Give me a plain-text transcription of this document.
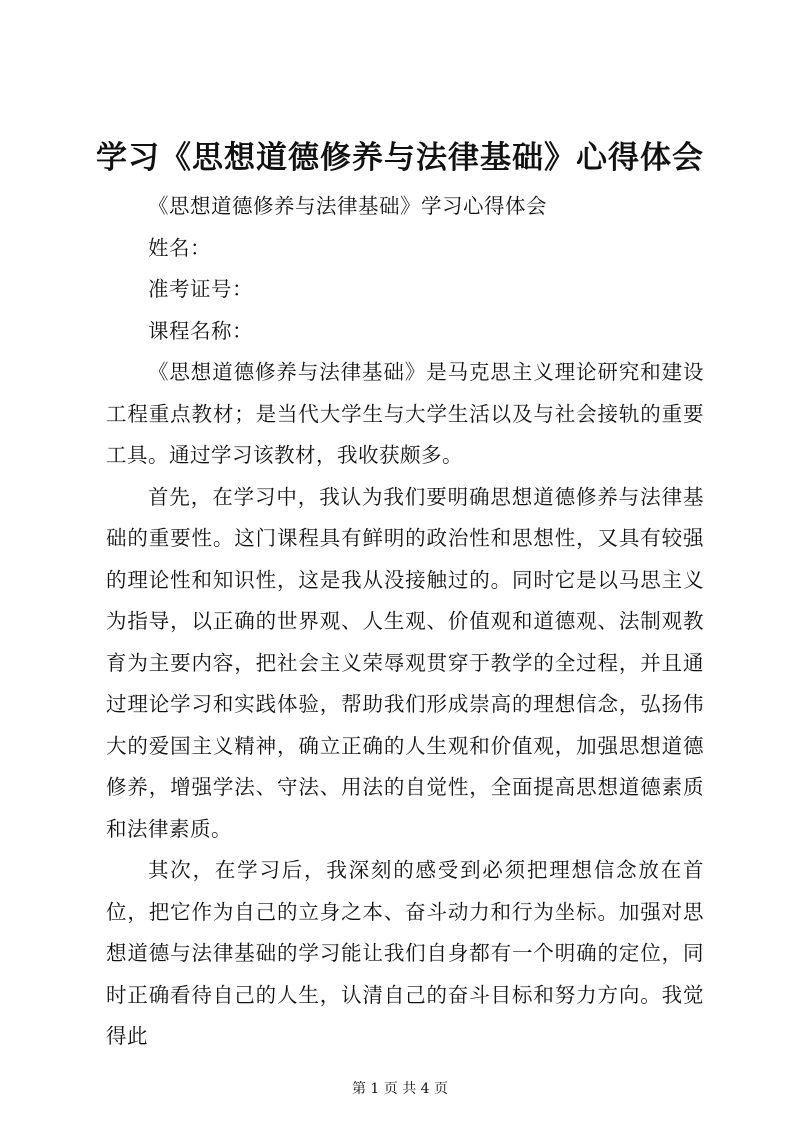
学习《思想道德修养与法律基础》心得体会

《思想道德修养与法律基础》学习心得体会

姓名：

准考证号：

课程名称：

《思想道德修养与法律基础》是马克思主义理论研究和建设工程重点教材；是当代大学生与大学生活以及与社会接轨的重要工具。通过学习该教材，我收获颇多。

首先，在学习中，我认为我们要明确思想道德修养与法律基础的重要性。这门课程具有鲜明的政治性和思想性，又具有较强的理论性和知识性，这是我从没接触过的。同时它是以马思主义为指导，以正确的世界观、人生观、价值观和道德观、法制观教育为主要内容，把社会主义荣辱观贯穿于教学的全过程，并且通过理论学习和实践体验，帮助我们形成崇高的理想信念，弘扬伟大的爱国主义精神，确立正确的人生观和价值观，加强思想道德修养，增强学法、守法、用法的自觉性，全面提高思想道德素质和法律素质。

其次，在学习后，我深刻的感受到必须把理想信念放在首位，把它作为自己的立身之本、奋斗动力和行为坐标。加强对思想道德与法律基础的学习能让我们自身都有一个明确的定位，同时正确看待自己的人生，认清自己的奋斗目标和努力方向。我觉得此

第 1 页 共 4 页
